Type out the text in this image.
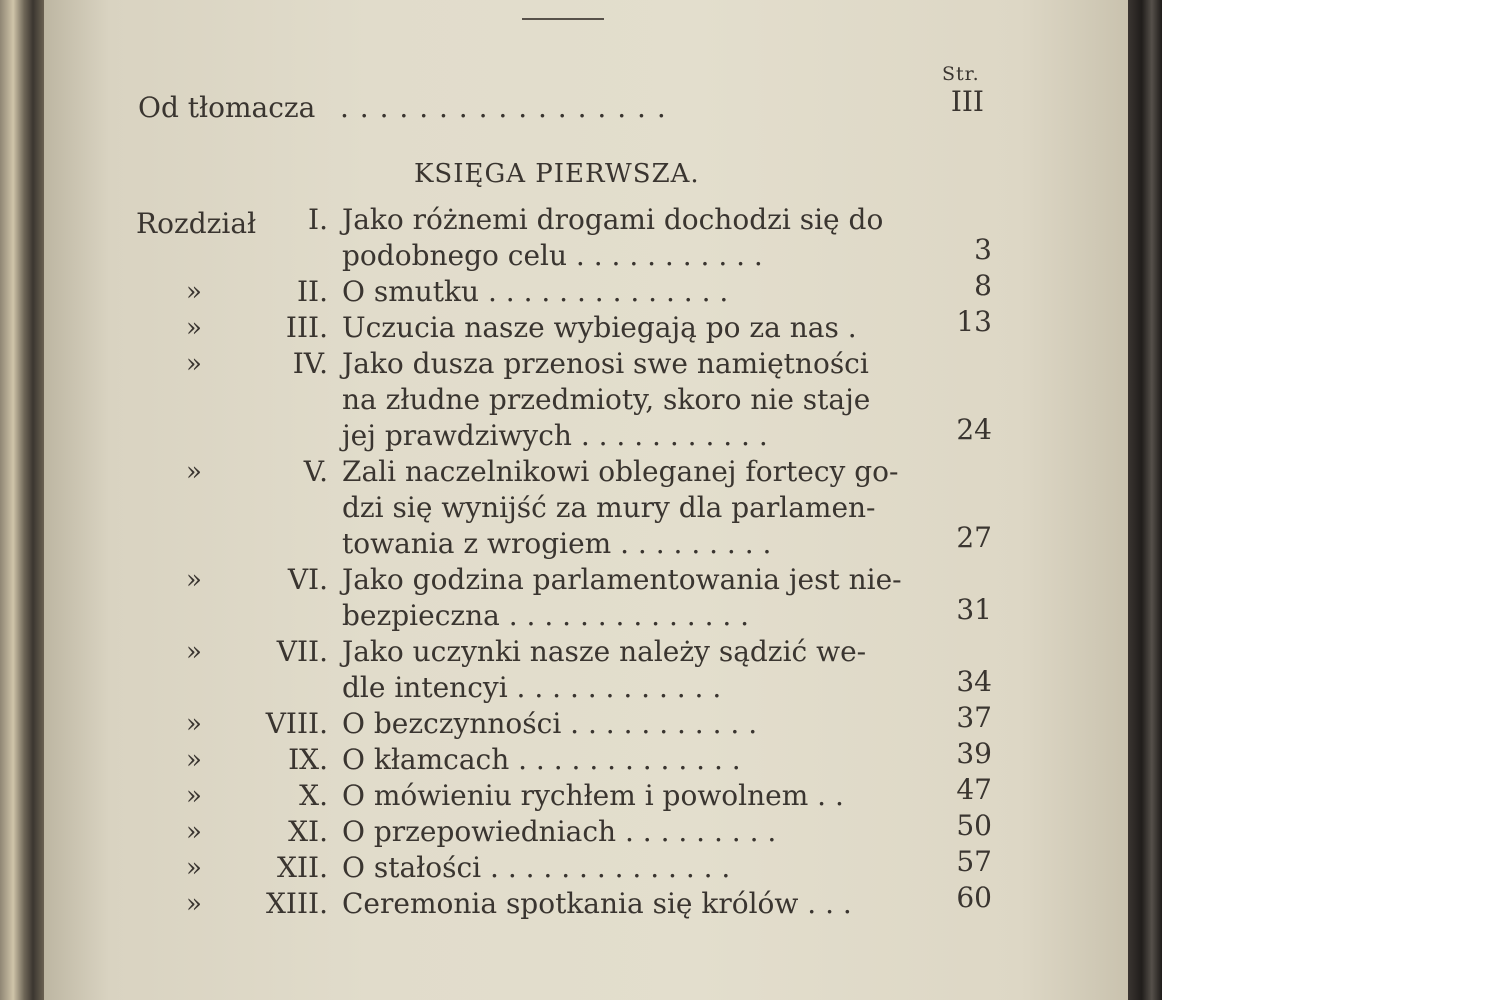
Str.
Od tłomacza . . . . . . . . . . . . . . . . .	III
KSIĘGA PIERWSZA.
Rozdział	I. Jako różnemi drogami dochodzi się do
podobnego celu . . . . . . . . . . .	3
»	II. O smutku . . . . . . . . . . . . . .	8
»	III. Uczucia nasze wybiegają po za nas .	13
»	IV. Jako dusza przenosi swe namiętności
na złudne przedmioty, skoro nie staje
jej prawdziwych . . . . . . . . . . .	24
»	V. Zali naczelnikowi obleganej fortecy go-
dzi się wynijść za mury dla parlamen-
towania z wrogiem . . . . . . . . .	27
»	VI. Jako godzina parlamentowania jest nie-
bezpieczna . . . . . . . . . . . . . .	31
»	VII. Jako uczynki nasze należy sądzić we-
dle intencyi . . . . . . . . . . . .	34
»	VIII. O bezczynności . . . . . . . . . . .	37
»	IX. O kłamcach . . . . . . . . . . . . .	39
»	X. O mówieniu rychłem i powolnem . .	47
»	XI. O przepowiedniach . . . . . . . . .	50
»	XII. O stałości . . . . . . . . . . . . . .	57
»	XIII. Ceremonia spotkania się królów . . .	60
